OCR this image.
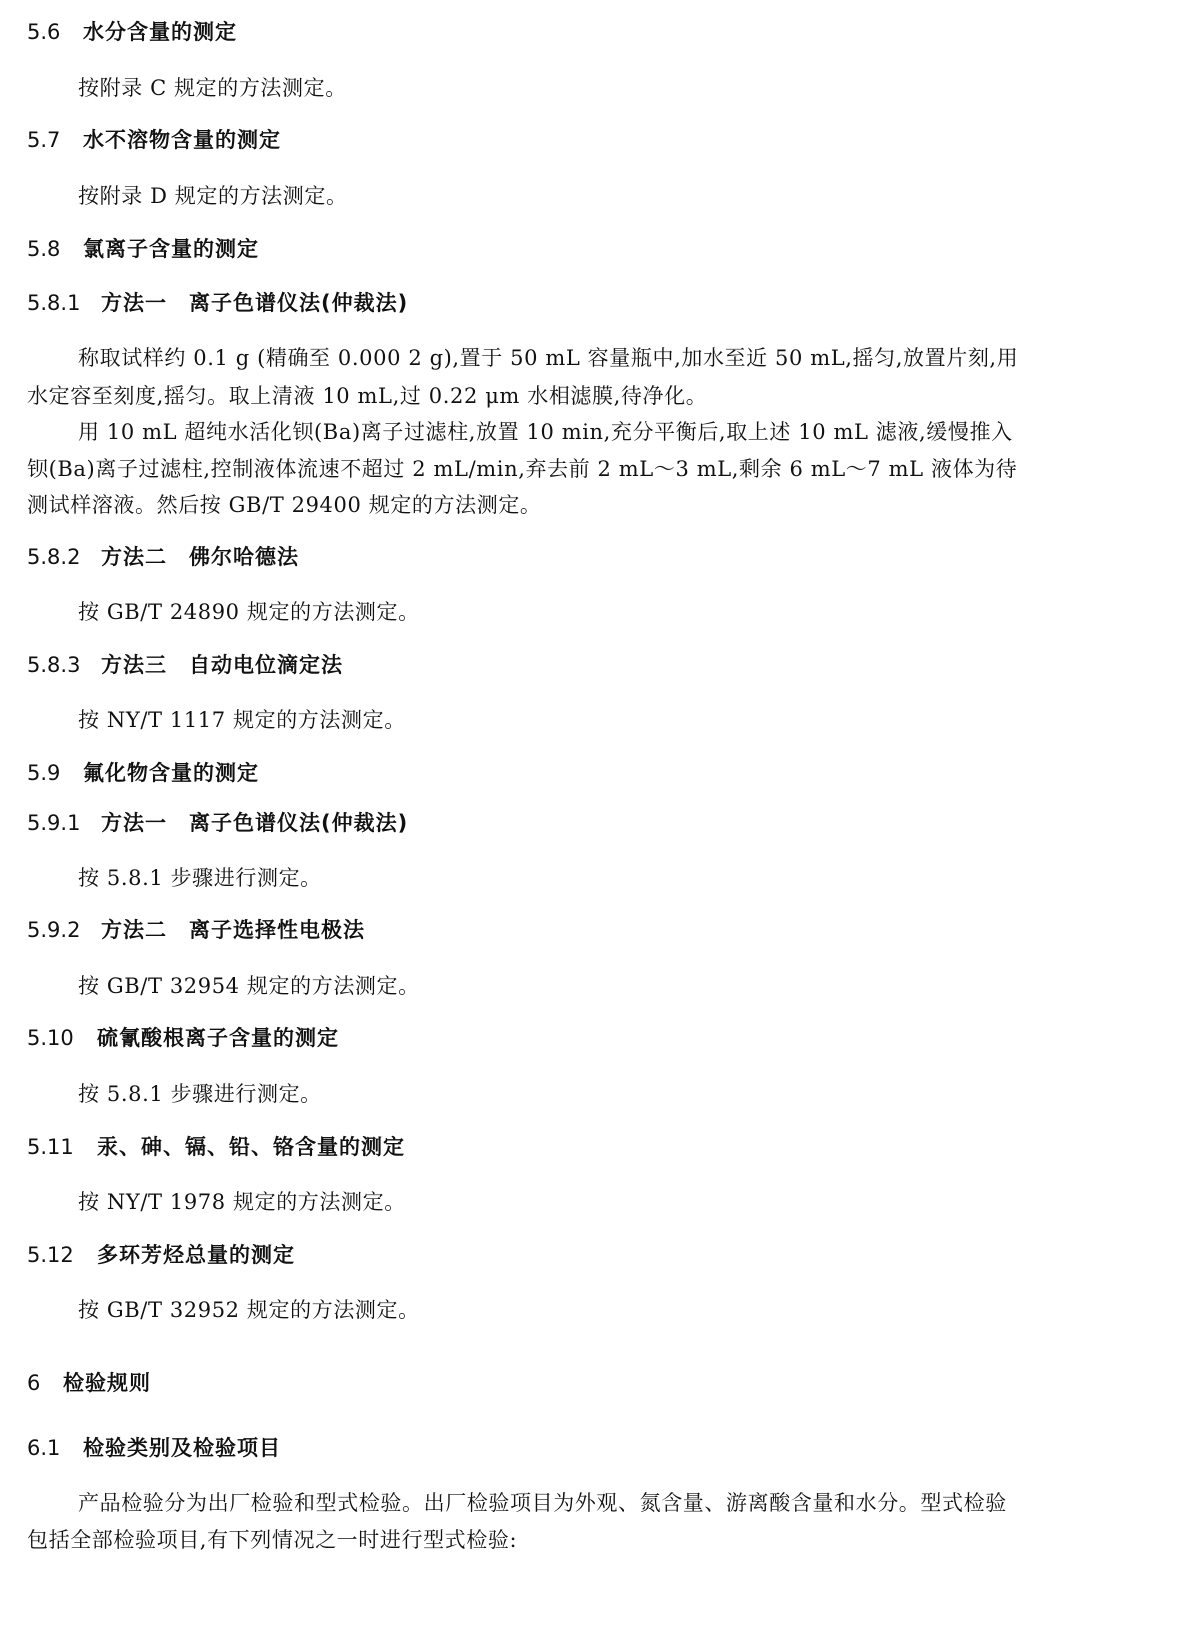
5.6 水分含量的测定
按附录 C 规定的方法测定。
5.7 水不溶物含量的测定
按附录 D 规定的方法测定。
5.8 氯离子含量的测定
5.8.1 方法一　离子色谱仪法(仲裁法)
称取试样约 0.1 g (精确至 0.000 2 g),置于 50 mL 容量瓶中,加水至近 50 mL,摇匀,放置片刻,用
水定容至刻度,摇匀。取上清液 10 mL,过 0.22 μm 水相滤膜,待净化。
用 10 mL 超纯水活化钡(Ba)离子过滤柱,放置 10 min,充分平衡后,取上述 10 mL 滤液,缓慢推入
钡(Ba)离子过滤柱,控制液体流速不超过 2 mL/min,弃去前 2 mL～3 mL,剩余 6 mL～7 mL 液体为待
测试样溶液。然后按 GB/T 29400 规定的方法测定。
5.8.2 方法二　佛尔哈德法
按 GB/T 24890 规定的方法测定。
5.8.3 方法三　自动电位滴定法
按 NY/T 1117 规定的方法测定。
5.9 氟化物含量的测定
5.9.1 方法一　离子色谱仪法(仲裁法)
按 5.8.1 步骤进行测定。
5.9.2 方法二　离子选择性电极法
按 GB/T 32954 规定的方法测定。
5.10 硫氰酸根离子含量的测定
按 5.8.1 步骤进行测定。
5.11 汞、砷、镉、铅、铬含量的测定
按 NY/T 1978 规定的方法测定。
5.12 多环芳烃总量的测定
按 GB/T 32952 规定的方法测定。
6 检验规则
6.1 检验类别及检验项目
产品检验分为出厂检验和型式检验。出厂检验项目为外观、氮含量、游离酸含量和水分。型式检验
包括全部检验项目,有下列情况之一时进行型式检验:
